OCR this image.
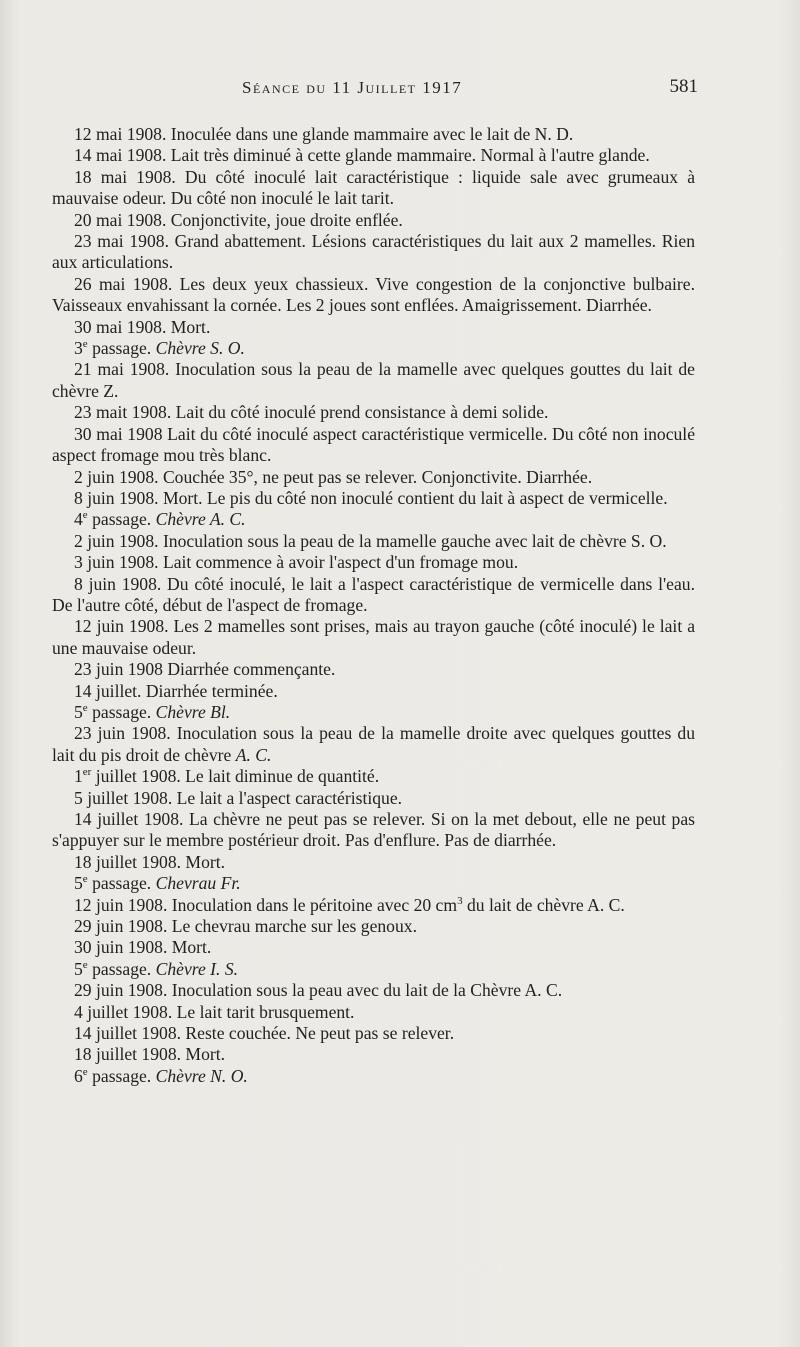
Séance du 11 Juillet 1917	581

12 mai 1908. Inoculée dans une glande mammaire avec le lait de N. D.

14 mai 1908. Lait très diminué à cette glande mammaire. Normal à l'autre glande.

18 mai 1908. Du côté inoculé lait caractéristique : liquide sale avec grumeaux à mauvaise odeur. Du côté non inoculé le lait tarit.

20 mai 1908. Conjonctivite, joue droite enflée.

23 mai 1908. Grand abattement. Lésions caractéristiques du lait aux 2 mamelles. Rien aux articulations.

26 mai 1908. Les deux yeux chassieux. Vive congestion de la conjonctive bulbaire. Vaisseaux envahissant la cornée. Les 2 joues sont enflées. Amaigrissement. Diarrhée.

30 mai 1908. Mort.

3e passage. Chèvre S. O.

21 mai 1908. Inoculation sous la peau de la mamelle avec quelques gouttes du lait de chèvre Z.

23 mait 1908. Lait du côté inoculé prend consistance à demi solide.

30 mai 1908 Lait du côté inoculé aspect caractéristique vermicelle. Du côté non inoculé aspect fromage mou très blanc.

2 juin 1908. Couchée 35°, ne peut pas se relever. Conjonctivite. Diarrhée.

8 juin 1908. Mort. Le pis du côté non inoculé contient du lait à aspect de vermicelle.

4e passage. Chèvre A. C.

2 juin 1908. Inoculation sous la peau de la mamelle gauche avec lait de chèvre S. O.

3 juin 1908. Lait commence à avoir l'aspect d'un fromage mou.

8 juin 1908. Du côté inoculé, le lait a l'aspect caractéristique de vermicelle dans l'eau. De l'autre côté, début de l'aspect de fromage.

12 juin 1908. Les 2 mamelles sont prises, mais au trayon gauche (côté inoculé) le lait a une mauvaise odeur.

23 juin 1908 Diarrhée commençante.

14 juillet. Diarrhée terminée.

5e passage. Chèvre Bl.

23 juin 1908. Inoculation sous la peau de la mamelle droite avec quelques gouttes du lait du pis droit de chèvre A. C.

1er juillet 1908. Le lait diminue de quantité.

5 juillet 1908. Le lait a l'aspect caractéristique.

14 juillet 1908. La chèvre ne peut pas se relever. Si on la met debout, elle ne peut pas s'appuyer sur le membre postérieur droit. Pas d'enflure. Pas de diarrhée.

18 juillet 1908. Mort.

5e passage. Chevrau Fr.

12 juin 1908. Inoculation dans le péritoine avec 20 $cm^3$ du lait de chèvre A. C.

29 juin 1908. Le chevrau marche sur les genoux.

30 juin 1908. Mort.

5e passage. Chèvre I. S.

29 juin 1908. Inoculation sous la peau avec du lait de la Chèvre A. C.

4 juillet 1908. Le lait tarit brusquement.

14 juillet 1908. Reste couchée. Ne peut pas se relever.

18 juillet 1908. Mort.

6e passage. Chèvre N. O.
